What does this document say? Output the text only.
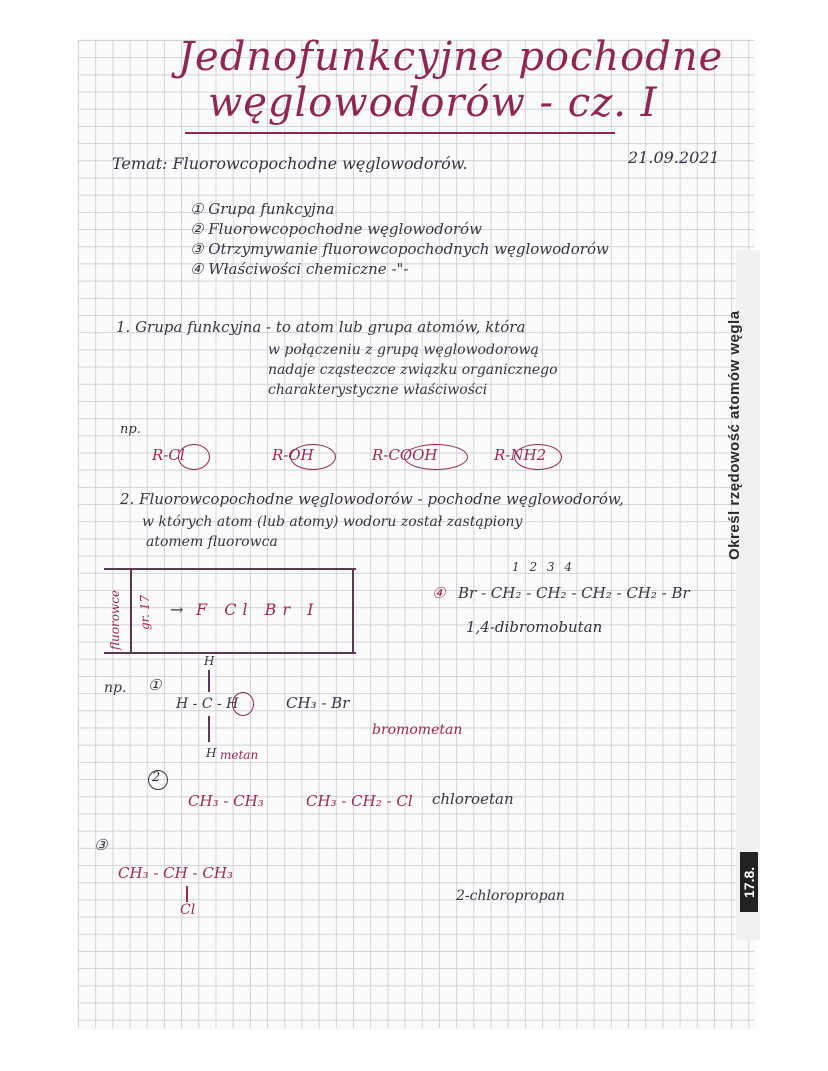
Określ rzędowość atomów węgla
17.8.
Jednofunkcyjne pochodne
węglowodorów - cz. I
Temat: Fluorowcopochodne węglowodorów.	21.09.2021
① Grupa funkcyjna
② Fluorowcopochodne węglowodorów
③ Otrzymywanie fluorowcopochodnych węglowodorów
④ Właściwości chemiczne -"-
1. Grupa funkcyjna - to atom lub grupa atomów, która
w połączeniu z grupą węglowodorową
nadaje cząsteczce związku organicznego
charakterystyczne właściwości
np.
R-Cl	R-OH	R-COOH	R-NH2
2. Fluorowcopochodne węglowodorów - pochodne węglowodorów,
w których atom (lub atomy) wodoru został zastąpiony
atomem fluorowca
fluorowce gr. 17 → F Cl Br I
1 2 3 4
④ Br - CH₂ - CH₂ - CH₂ - CH₂ - Br
1,4-dibromobutan
np. ①
H
H - C - H
H metan
CH₃ - Br
bromometan
2
CH₃ - CH₃	CH₃ - CH₂ - Cl chloroetan
③
CH₃ - CH - CH₃
Cl
2-chloropropan
